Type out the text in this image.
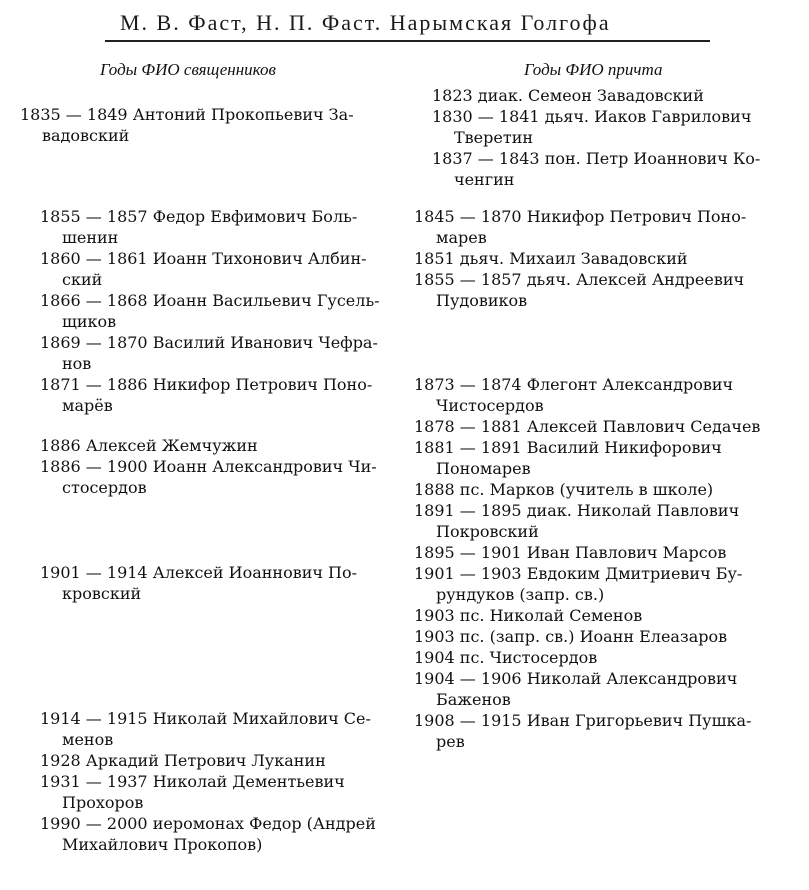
М. В. Фаст, Н. П. Фаст. Нарымская Голгофа
Годы ФИО священников	Годы ФИО причта
1835 — 1849 Антоний Прокопьевич За-
вадовский
1855 — 1857 Федор Евфимович Боль-
шенин
1860 — 1861 Иоанн Тихонович Албин-
ский
1866 — 1868 Иоанн Васильевич Гусель-
щиков
1869 — 1870 Василий Иванович Чефра-
нов
1871 — 1886 Никифор Петрович Поно-
марёв
1886 Алексей Жемчужин
1886 — 1900 Иоанн Александрович Чи-
стосердов
1901 — 1914 Алексей Иоаннович По-
кровский
1914 — 1915 Николай Михайлович Се-
менов
1928 Аркадий Петрович Луканин
1931 — 1937 Николай Дементьевич
Прохоров
1990 — 2000 иеромонах Федор (Андрей
Михайлович Прокопов)
1823 диак. Семеон Завадовский
1830 — 1841 дьяч. Иаков Гаврилович
Тверетин
1837 — 1843 пон. Петр Иоаннович Ко-
ченгин
1845 — 1870 Никифор Петрович Поно-
марев
1851 дьяч. Михаил Завадовский
1855 — 1857 дьяч. Алексей Андреевич
Пудовиков
1873 — 1874 Флегонт Александрович
Чистосердов
1878 — 1881 Алексей Павлович Седачев
1881 — 1891 Василий Никифорович
Пономарев
1888 пс. Марков (учитель в школе)
1891 — 1895 диак. Николай Павлович
Покровский
1895 — 1901 Иван Павлович Марсов
1901 — 1903 Евдоким Дмитриевич Бу-
рундуков (запр. св.)
1903 пс. Николай Семенов
1903 пс. (запр. св.) Иоанн Елеазаров
1904 пс. Чистосердов
1904 — 1906 Николай Александрович
Баженов
1908 — 1915 Иван Григорьевич Пушка-
рев
